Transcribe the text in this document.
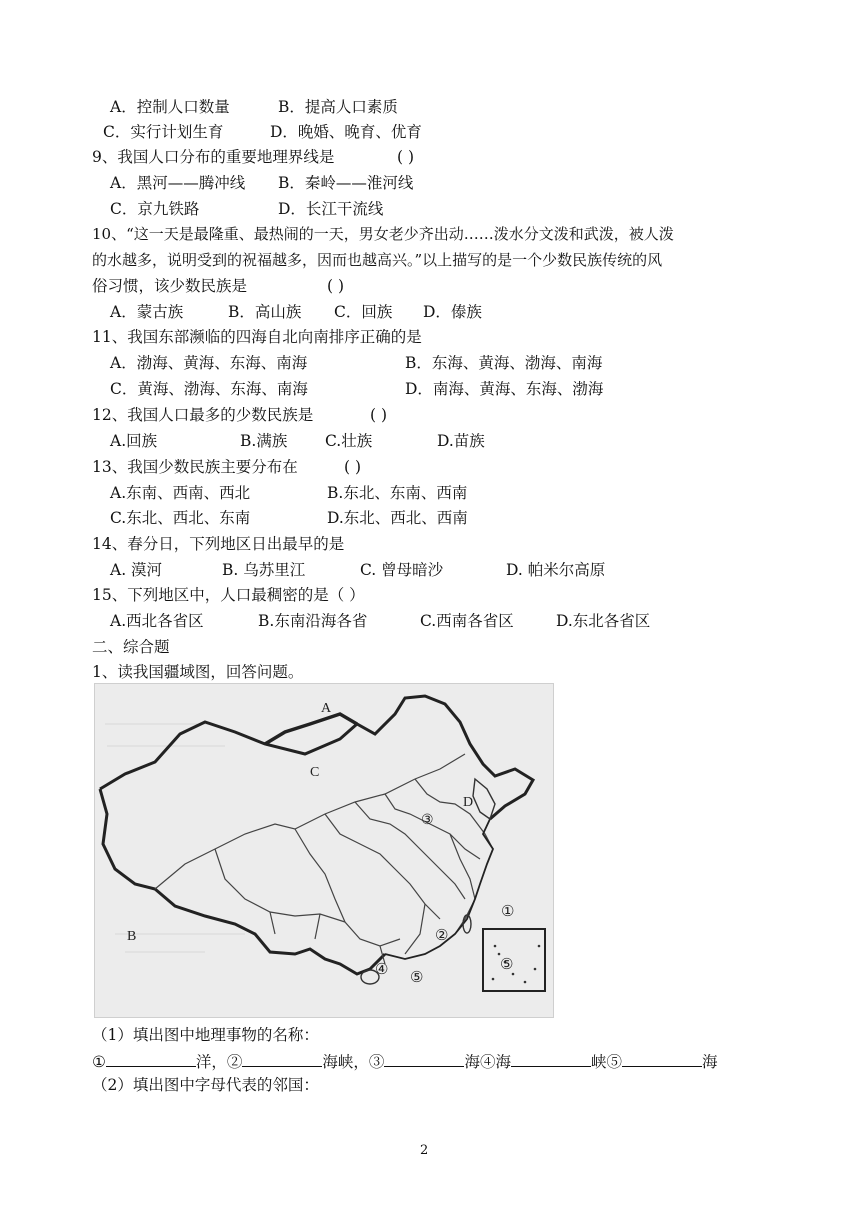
A．控制人口数量	B．提高人口素质
C．实行计划生育	D．晚婚、晚育、优育
9、我国人口分布的重要地理界线是	( )
A．黑河——腾冲线 B．秦岭——淮河线
C．京九铁路	D．长江干流线
10、“这一天是最隆重、最热闹的一天，男女老少齐出动……泼水分文泼和武泼，被人泼
的水越多，说明受到的祝福越多，因而也越高兴。”以上描写的是一个少数民族传统的风
俗习惯，该少数民族是	( )
A．蒙古族	B．高山族 C．回族 D．傣族
11、我国东部濒临的四海自北向南排序正确的是
A．渤海、黄海、东海、南海	B．东海、黄海、渤海、南海
C．黄海、渤海、东海、南海	D．南海、黄海、东海、渤海
12、我国人口最多的少数民族是	( )
A.回族	B.满族 C.壮族	D.苗族
13、我国少数民族主要分布在	( )
A.东南、西南、西北	B.东北、东南、西南
C.东北、西北、东南	D.东北、西北、西南
14、春分日，下列地区日出最早的是
A. 漠河	B. 乌苏里江	C. 曾母暗沙	D. 帕米尔高原
15、下列地区中，人口最稠密的是（ ）
A.西北各省区	B.东南沿海各省	C.西南各省区	D.东北各省区
二、综合题
1、读我国疆域图，回答问题。
A
C
D
B
③
①
②
④ ⑤
⑤
（1）填出图中地理事物的名称：
①	洋，②	海峡，③	海④海	峡⑤	海
（2）填出图中字母代表的邻国：
2
